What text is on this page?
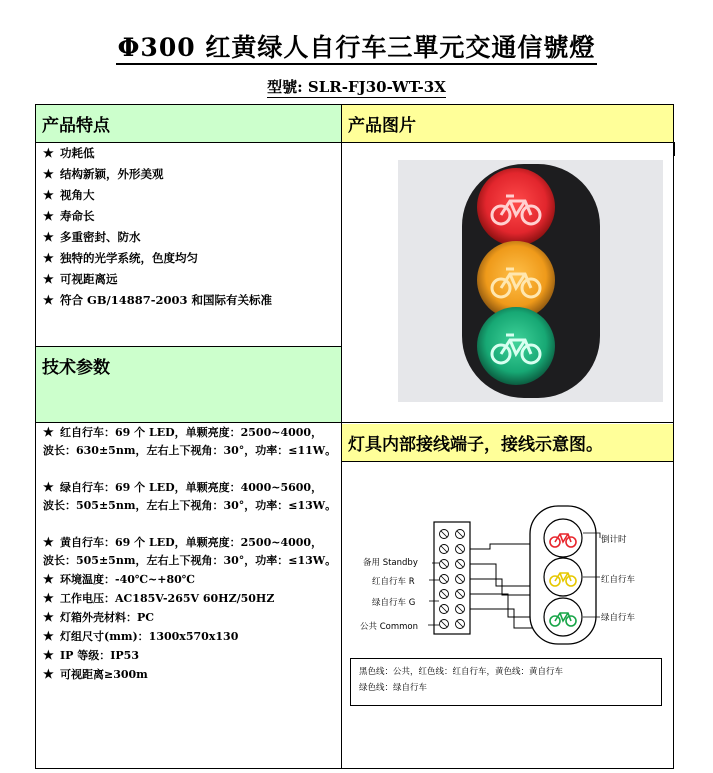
Φ300 红黄绿人自行车三單元交通信號燈
型號: SLR-FJ30-WT-3X
产品特点	产品图片
技术参数
灯具内部接线端子，接线示意图。
★ 功耗低
★ 结构新颖，外形美观
★ 视角大
★ 寿命长
★ 多重密封、防水
★ 独特的光学系统，色度均匀
★ 可视距离远
★ 符合 GB/14887-2003 和国际有关标准
★ 红自行车：69 个 LED，单颗亮度：2500~4000，
波长：630±5nm，左右上下视角：30°，功率：≤11W。
★ 绿自行车：69 个 LED，单颗亮度：4000~5600，
波长：505±5nm，左右上下视角：30°，功率：≤13W。
★ 黄自行车：69 个 LED，单颗亮度：2500~4000，
波长：505±5nm，左右上下视角：30°，功率：≤13W。
★ 环境温度：-40℃~+80℃
★ 工作电压：AC185V-265V 60HZ/50HZ
★ 灯箱外壳材料：PC
★ 灯组尺寸(mm)：1300x570x130
★ IP 等级：IP53
★ 可视距离≥300m
备用 Standby
红自行车 R
绿自行车 G
公共 Common
倒计时
红自行车
绿自行车
黑色线：公共，红色线：红自行车，黄色线：黄自行车
绿色线：绿自行车
